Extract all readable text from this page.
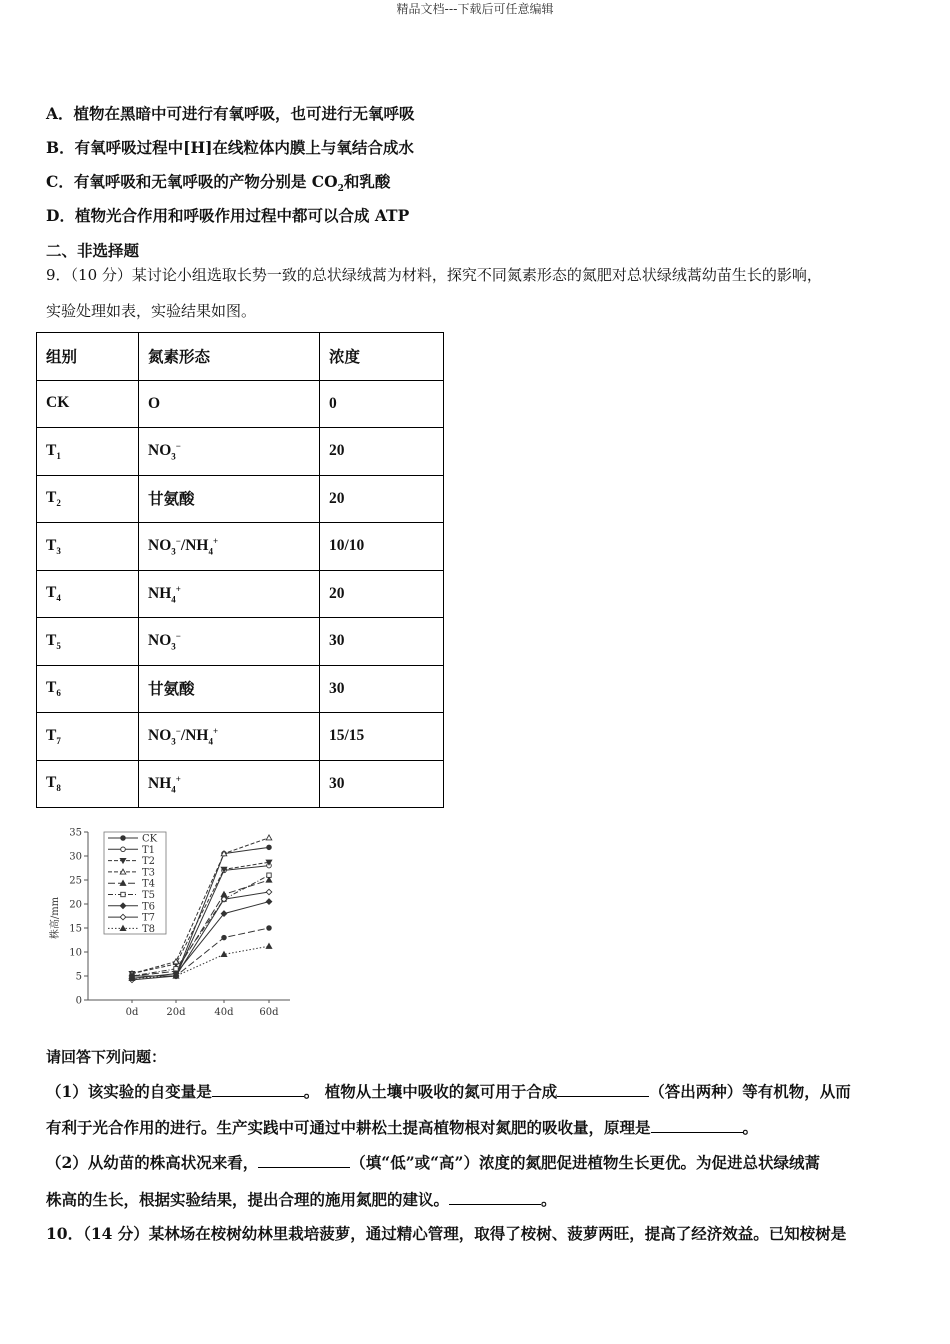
精品文档---下载后可任意编辑
A．植物在黑暗中可进行有氧呼吸，也可进行无氧呼吸
B．有氧呼吸过程中[H]在线粒体内膜上与氧结合成水
C．有氧呼吸和无氧呼吸的产物分别是 $CO_2$和乳酸
D．植物光合作用和呼吸作用过程中都可以合成 ATP
二、非选择题
9．（10 分）某讨论小组选取长势一致的总状绿绒蒿为材料，探究不同氮素形态的氮肥对总状绿绒蒿幼苗生长的影响，
实验处理如表，实验结果如图。
组别	氮素形态	浓度
CK	O	0
$T_1$	$NO_3^-$	20
$T_2$	甘氨酸	20
$T_3$	$NO_3^-/NH_4^+$	10/10
$T_4$	$NH_4^+$	20
$T_5$	$NO_3^-$	30
$T_6$	甘氨酸	30
$T_7$	$NO_3^-/NH_4^+$	15/15
$T_8$	$NH_4^+$	30
0
5
10
15
20
25
30
35
0d	20d	40d	60d
CK
T1
T2
T3
T4
T5
T6
T7
T8
株高/mm
请回答下列问题：
（1）该实验的自变量是	。 植物从土壤中吸收的氮可用于合成	（答出两种）等有机物，从而
有利于光合作用的进行。生产实践中可通过中耕松土提高植物根对氮肥的吸收量，原理是	。
（2）从幼苗的株高状况来看，	（填“低”或“高”）浓度的氮肥促进植物生长更优。为促进总状绿绒蒿
株高的生长，根据实验结果，提出合理的施用氮肥的建议。	。
10．（14 分）某林场在桉树幼林里栽培菠萝，通过精心管理，取得了桉树、菠萝两旺，提高了经济效益。已知桉树是
